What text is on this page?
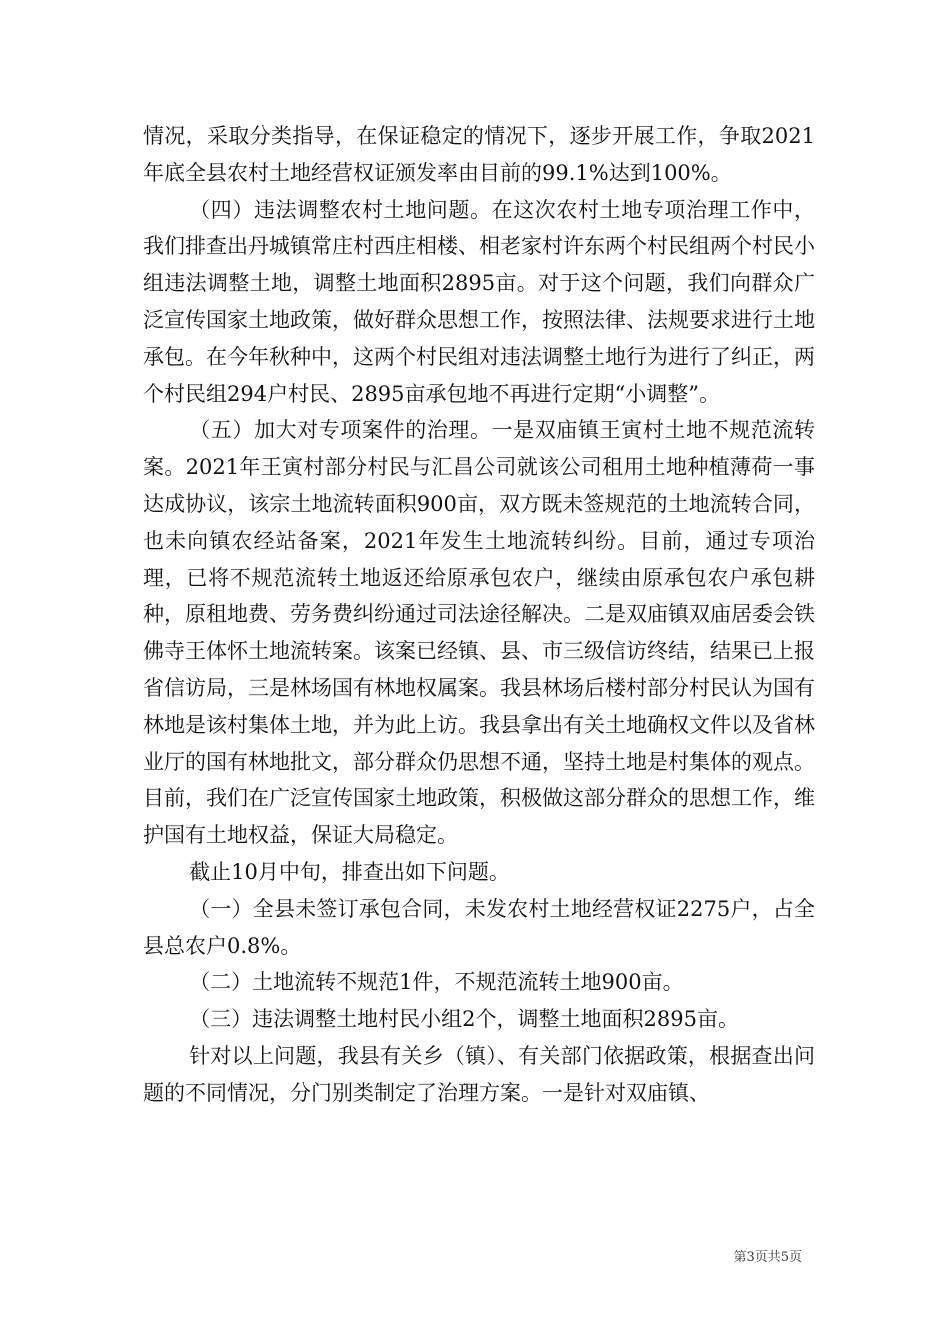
情况，采取分类指导，在保证稳定的情况下，逐步开展工作，争取2021年底全县农村土地经营权证颁发率由目前的99.1%达到100%。

（四）违法调整农村土地问题。在这次农村土地专项治理工作中，我们排查出丹城镇常庄村西庄相楼、相老家村许东两个村民组两个村民小组违法调整土地，调整土地面积2895亩。对于这个问题，我们向群众广泛宣传国家土地政策，做好群众思想工作，按照法律、法规要求进行土地承包。在今年秋种中，这两个村民组对违法调整土地行为进行了纠正，两个村民组294户村民、2895亩承包地不再进行定期“小调整”。

（五）加大对专项案件的治理。一是双庙镇王寅村土地不规范流转案。2021年王寅村部分村民与汇昌公司就该公司租用土地种植薄荷一事达成协议，该宗土地流转面积900亩，双方既未签规范的土地流转合同，也未向镇农经站备案，2021年发生土地流转纠纷。目前，通过专项治理，已将不规范流转土地返还给原承包农户，继续由原承包农户承包耕种，原租地费、劳务费纠纷通过司法途径解决。二是双庙镇双庙居委会铁佛寺王体怀土地流转案。该案已经镇、县、市三级信访终结，结果已上报省信访局，三是林场国有林地权属案。我县林场后楼村部分村民认为国有林地是该村集体土地，并为此上访。我县拿出有关土地确权文件以及省林业厅的国有林地批文，部分群众仍思想不通，坚持土地是村集体的观点。目前，我们在广泛宣传国家土地政策，积极做这部分群众的思想工作，维护国有土地权益，保证大局稳定。

截止10月中旬，排查出如下问题。

（一）全县未签订承包合同，未发农村土地经营权证2275户，占全县总农户0.8%。

（二）土地流转不规范1件，不规范流转土地900亩。

（三）违法调整土地村民小组2个，调整土地面积2895亩。

针对以上问题，我县有关乡（镇）、有关部门依据政策，根据查出问题的不同情况，分门别类制定了治理方案。一是针对双庙镇、

第3页共5页
